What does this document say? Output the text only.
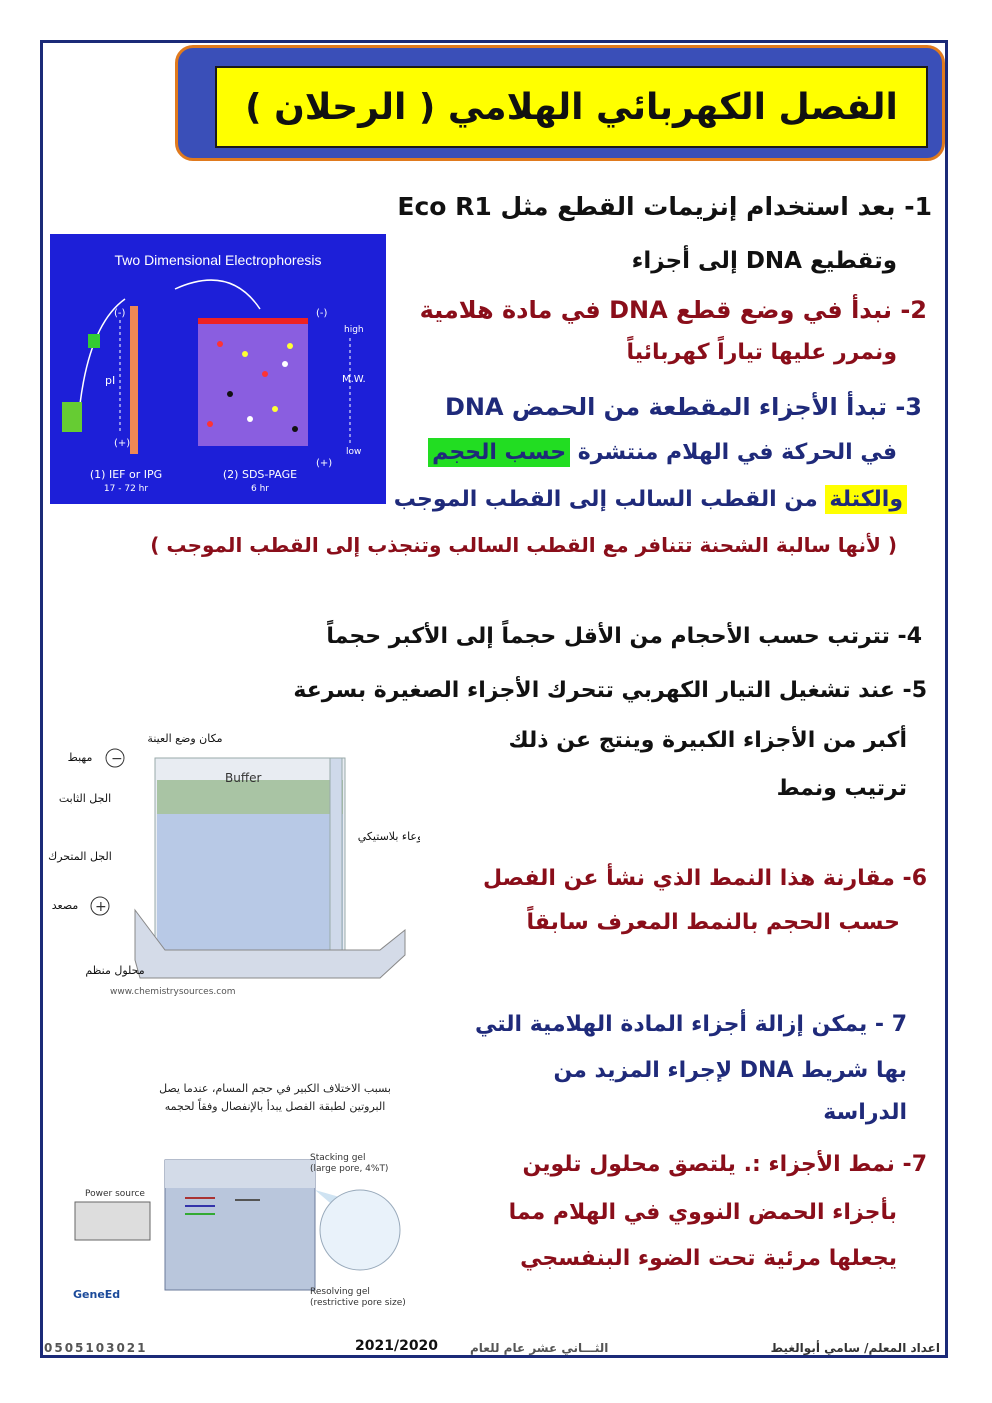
الفصل الكهربائي الهلامي ( الرحلان )
Two Dimensional Electrophoresis
(-)
pI
(+)
(-)
high
M.W.
low
(+)
(1) IEF or IPG
17 - 72 hr
(2) SDS-PAGE
6 hr
Buffer
مكان وضع العينة
−
مهبط
الجل الثابت
وعاء بلاستيكي
الجل المتحرك
+
مصعد
محلول منظم
www.chemistrysources.com
بسبب الاختلاف الكبير في حجم المسام، عندما يصل
البروتين لطبقة الفصل يبدأ بالإنفصال وفقاً لحجمه
Power source
Stacking gel
(large pore, 4%T)
Resolving gel
(restrictive pore size)
GeneEd
1- بعد استخدام إنزيمات القطع مثل Eco R1
وتقطيع DNA إلى أجزاء
2- نبدأ في وضع قطع DNA في مادة هلامية
ونمرر عليها تياراً كهربائياً
3- تبدأ الأجزاء المقطعة من الحمض DNA
في الحركة في الهلام منتشرة حسب الحجم
والكتلة من القطب السالب إلى القطب الموجب
( لأنها سالبة الشحنة تتنافر مع القطب السالب وتنجذب إلى القطب الموجب )
4- تترتب حسب الأحجام من الأقل حجماً إلى الأكبر حجماً
5- عند تشغيل التيار الكهربي تتحرك الأجزاء الصغيرة بسرعة
أكبر من الأجزاء الكبيرة وينتج عن ذلك
ترتيب ونمط
6- مقارنة هذا النمط الذي نشأ عن الفصل
حسب الحجم بالنمط المعرف سابقاً
7 - يمكن إزالة أجزاء المادة الهلامية التي
بها شريط DNA لإجراء المزيد من
الدراسة
7- نمط الأجزاء :. يلتصق محلول تلوين
بأجزاء الحمض النووي في الهلام مما
يجعلها مرئية تحت الضوء البنفسجي
0505103021	2021/2020	الثـــاني عشر عام للعام	اعداد المعلم/ سامي أبوالغيط
